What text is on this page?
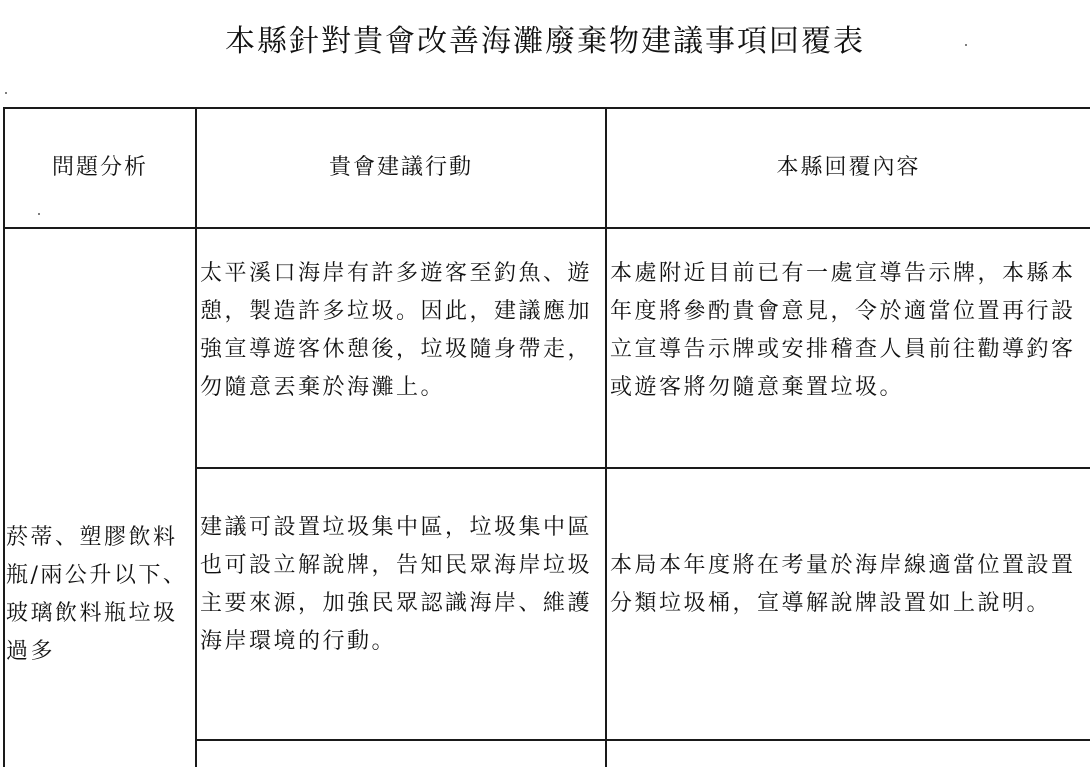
本縣針對貴會改善海灘廢棄物建議事項回覆表
問題分析	貴會建議行動	本縣回覆內容
菸蒂、塑膠飲料瓶/兩公升以下、玻璃飲料瓶垃圾過多
太平溪口海岸有許多遊客至釣魚、遊憩，製造許多垃圾。因此，建議應加強宣導遊客休憩後，垃圾隨身帶走，勿隨意丟棄於海灘上。
本處附近目前已有一處宣導告示牌，本縣本年度將參酌貴會意見，令於適當位置再行設立宣導告示牌或安排稽查人員前往勸導釣客或遊客將勿隨意棄置垃圾。
建議可設置垃圾集中區，垃圾集中區也可設立解說牌，告知民眾海岸垃圾主要來源，加強民眾認識海岸、維護海岸環境的行動。
本局本年度將在考量於海岸線適當位置設置分類垃圾桶，宣導解說牌設置如上說明。
